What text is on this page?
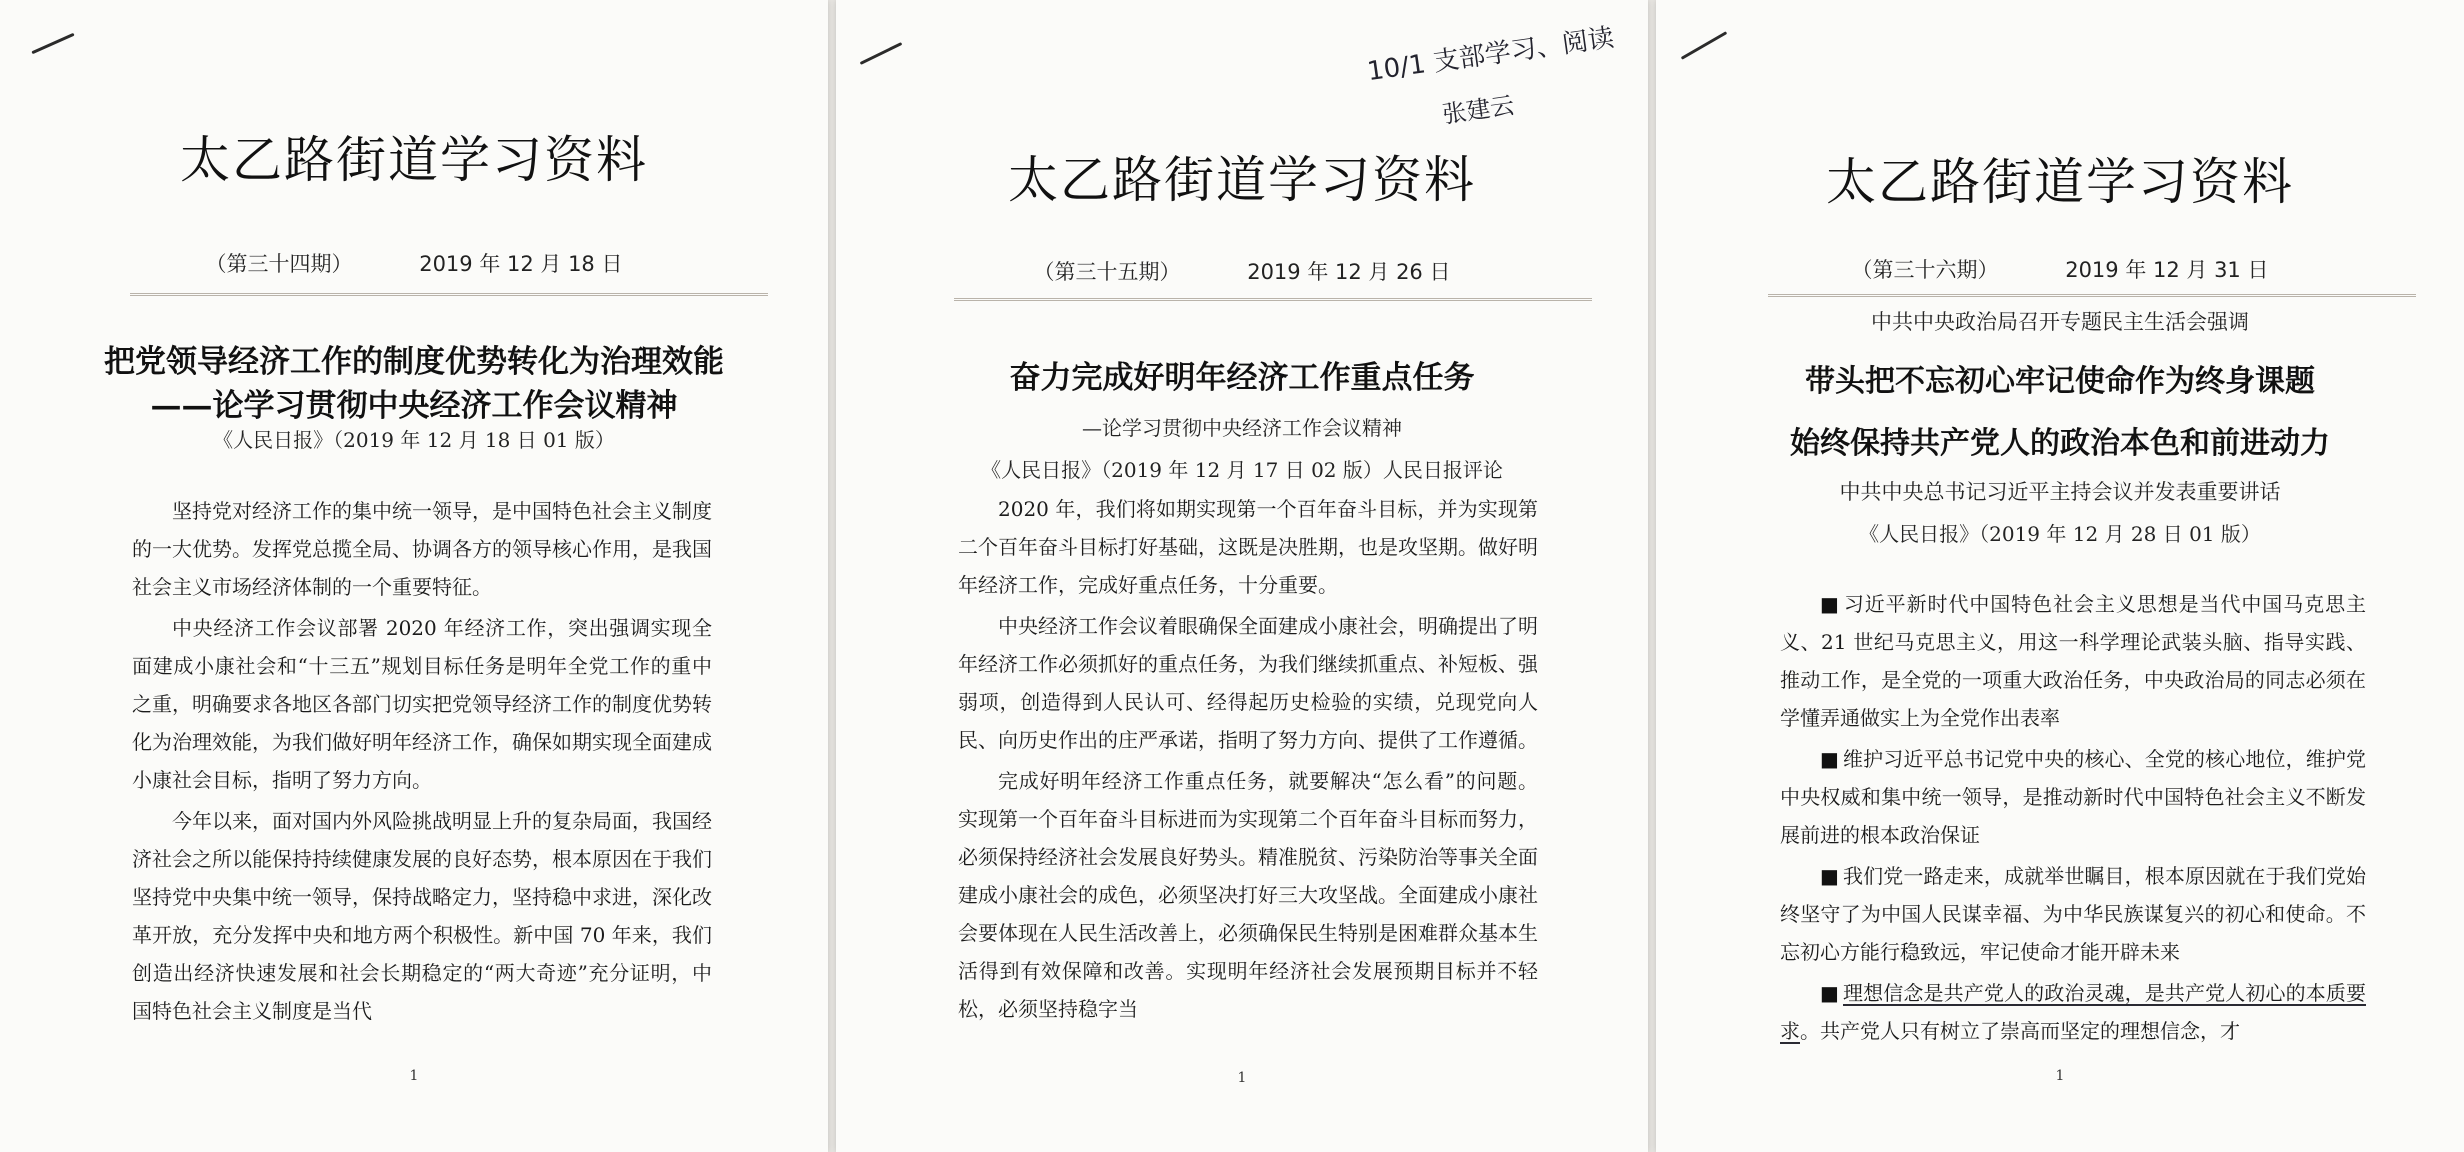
太乙路街道学习资料
（第三十四期）	2019 年 12 月 18 日
把党领导经济工作的制度优势转化为治理效能
——论学习贯彻中央经济工作会议精神
《人民日报》（2019 年 12 月 18 日 01 版）

坚持党对经济工作的集中统一领导，是中国特色社会主义制度的一大优势。发挥党总揽全局、协调各方的领导核心作用，是我国社会主义市场经济体制的一个重要特征。

中央经济工作会议部署 2020 年经济工作，突出强调实现全面建成小康社会和“十三五”规划目标任务是明年全党工作的重中之重，明确要求各地区各部门切实把党领导经济工作的制度优势转化为治理效能，为我们做好明年经济工作，确保如期实现全面建成小康社会目标，指明了努力方向。

今年以来，面对国内外风险挑战明显上升的复杂局面，我国经济社会之所以能保持持续健康发展的良好态势，根本原因在于我们坚持党中央集中统一领导，保持战略定力，坚持稳中求进，深化改革开放，充分发挥中央和地方两个积极性。新中国 70 年来，我们创造出经济快速发展和社会长期稳定的“两大奇迹”充分证明，中国特色社会主义制度是当代

1
10/1 支部学习、阅读
张建云
太乙路街道学习资料
（第三十五期）	2019 年 12 月 26 日
奋力完成好明年经济工作重点任务
—论学习贯彻中央经济工作会议精神
《人民日报》（2019 年 12 月 17 日 02 版）人民日报评论

2020 年，我们将如期实现第一个百年奋斗目标，并为实现第二个百年奋斗目标打好基础，这既是决胜期，也是攻坚期。做好明年经济工作，完成好重点任务，十分重要。

中央经济工作会议着眼确保全面建成小康社会，明确提出了明年经济工作必须抓好的重点任务，为我们继续抓重点、补短板、强弱项，创造得到人民认可、经得起历史检验的实绩，兑现党向人民、向历史作出的庄严承诺，指明了努力方向、提供了工作遵循。

完成好明年经济工作重点任务，就要解决“怎么看”的问题。实现第一个百年奋斗目标进而为实现第二个百年奋斗目标而努力，必须保持经济社会发展良好势头。精准脱贫、污染防治等事关全面建成小康社会的成色，必须坚决打好三大攻坚战。全面建成小康社会要体现在人民生活改善上，必须确保民生特别是困难群众基本生活得到有效保障和改善。实现明年经济社会发展预期目标并不轻松，必须坚持稳字当

1
太乙路街道学习资料
（第三十六期）	2019 年 12 月 31 日
中共中央政治局召开专题民主生活会强调
带头把不忘初心牢记使命作为终身课题
始终保持共产党人的政治本色和前进动力
中共中央总书记习近平主持会议并发表重要讲话
《人民日报》（2019 年 12 月 28 日 01 版）

■ 习近平新时代中国特色社会主义思想是当代中国马克思主义、21 世纪马克思主义，用这一科学理论武装头脑、指导实践、推动工作，是全党的一项重大政治任务，中央政治局的同志必须在学懂弄通做实上为全党作出表率

■ 维护习近平总书记党中央的核心、全党的核心地位，维护党中央权威和集中统一领导，是推动新时代中国特色社会主义不断发展前进的根本政治保证

■ 我们党一路走来，成就举世瞩目，根本原因就在于我们党始终坚守了为中国人民谋幸福、为中华民族谋复兴的初心和使命。不忘初心方能行稳致远，牢记使命才能开辟未来

■ 理想信念是共产党人的政治灵魂，是共产党人初心的本质要求。共产党人只有树立了崇高而坚定的理想信念，才

1
